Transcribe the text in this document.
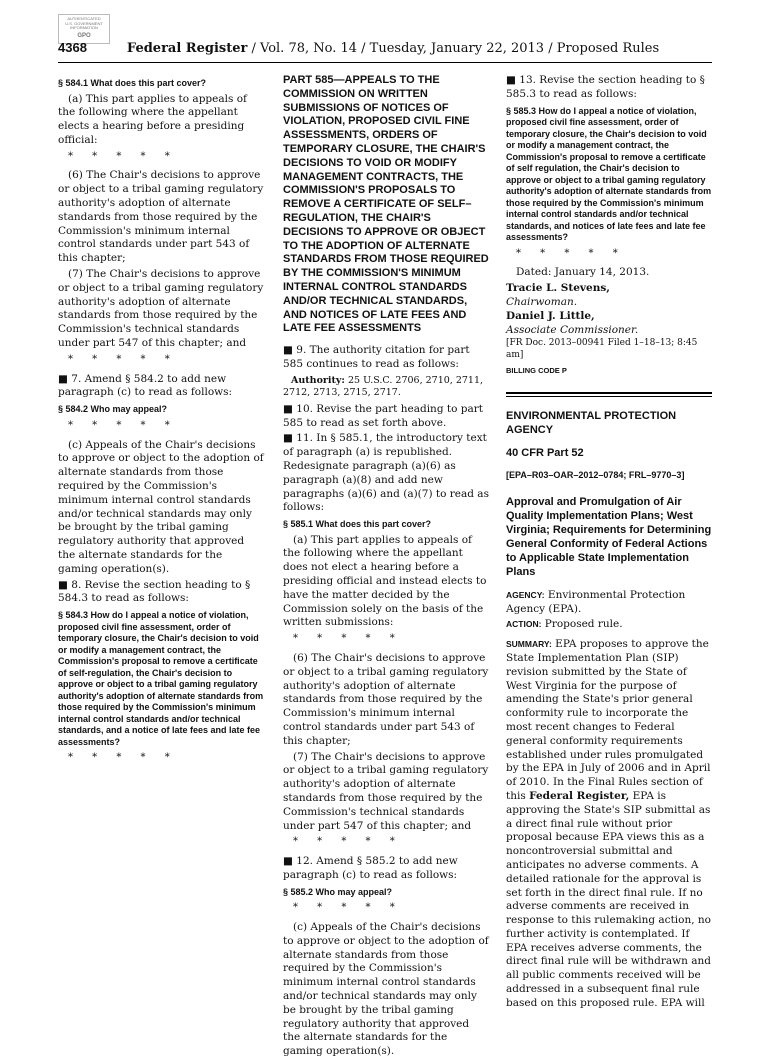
AUTHENTICATED
U.S. GOVERNMENT
INFORMATION
GPO
4368	Federal Register / Vol. 78, No. 14 / Tuesday, January 22, 2013 / Proposed Rules

§ 584.1 What does this part cover?

(a) This part applies to appeals of the following where the appellant elects a hearing before a presiding official:

* * * * *

(6) The Chair's decisions to approve or object to a tribal gaming regulatory authority's adoption of alternate standards from those required by the Commission's minimum internal control standards under part 543 of this chapter;

(7) The Chair's decisions to approve or object to a tribal gaming regulatory authority's adoption of alternate standards from those required by the Commission's technical standards under part 547 of this chapter; and

* * * * *

■ 7. Amend § 584.2 to add new paragraph (c) to read as follows:

§ 584.2 Who may appeal?

* * * * *

(c) Appeals of the Chair's decisions to approve or object to the adoption of alternate standards from those required by the Commission's minimum internal control standards and/or technical standards may only be brought by the tribal gaming regulatory authority that approved the alternate standards for the gaming operation(s).

■ 8. Revise the section heading to § 584.3 to read as follows:

§ 584.3 How do I appeal a notice of violation, proposed civil fine assessment, order of temporary closure, the Chair's decision to void or modify a management contract, the Commission's proposal to remove a certificate of self-regulation, the Chair's decision to approve or object to a tribal gaming regulatory authority's adoption of alternate standards from those required by the Commission's minimum internal control standards and/or technical standards, and a notice of late fees and late fee assessments?

* * * * *

PART 585—APPEALS TO THE COMMISSION ON WRITTEN SUBMISSIONS OF NOTICES OF VIOLATION, PROPOSED CIVIL FINE ASSESSMENTS, ORDERS OF TEMPORARY CLOSURE, THE CHAIR'S DECISIONS TO VOID OR MODIFY MANAGEMENT CONTRACTS, THE COMMISSION'S PROPOSALS TO REMOVE A CERTIFICATE OF SELF–REGULATION, THE CHAIR'S DECISIONS TO APPROVE OR OBJECT TO THE ADOPTION OF ALTERNATE STANDARDS FROM THOSE REQUIRED BY THE COMMISSION'S MINIMUM INTERNAL CONTROL STANDARDS AND/OR TECHNICAL STANDARDS, AND NOTICES OF LATE FEES AND LATE FEE ASSESSMENTS

■ 9. The authority citation for part 585 continues to read as follows:

Authority: 25 U.S.C. 2706, 2710, 2711, 2712, 2713, 2715, 2717.

■ 10. Revise the part heading to part 585 to read as set forth above.

■ 11. In § 585.1, the introductory text of paragraph (a) is republished. Redesignate paragraph (a)(6) as paragraph (a)(8) and add new paragraphs (a)(6) and (a)(7) to read as follows:

§ 585.1 What does this part cover?

(a) This part applies to appeals of the following where the appellant does not elect a hearing before a presiding official and instead elects to have the matter decided by the Commission solely on the basis of the written submissions:

* * * * *

(6) The Chair's decisions to approve or object to a tribal gaming regulatory authority's adoption of alternate standards from those required by the Commission's minimum internal control standards under part 543 of this chapter;

(7) The Chair's decisions to approve or object to a tribal gaming regulatory authority's adoption of alternate standards from those required by the Commission's technical standards under part 547 of this chapter; and

* * * * *

■ 12. Amend § 585.2 to add new paragraph (c) to read as follows:

§ 585.2 Who may appeal?

* * * * *

(c) Appeals of the Chair's decisions to approve or object to the adoption of alternate standards from those required by the Commission's minimum internal control standards and/or technical standards may only be brought by the tribal gaming regulatory authority that approved the alternate standards for the gaming operation(s).

■ 13. Revise the section heading to § 585.3 to read as follows:

§ 585.3 How do I appeal a notice of violation, proposed civil fine assessment, order of temporary closure, the Chair's decision to void or modify a management contract, the Commission's proposal to remove a certificate of self regulation, the Chair's decision to approve or object to a tribal gaming regulatory authority's adoption of alternate standards from those required by the Commission's minimum internal control standards and/or technical standards, and notices of late fees and late fee assessments?

* * * * *

Dated: January 14, 2013.

Tracie L. Stevens,

Chairwoman.

Daniel J. Little,

Associate Commissioner.

[FR Doc. 2013–00941 Filed 1–18–13; 8:45 am]

BILLING CODE P

ENVIRONMENTAL PROTECTION AGENCY

40 CFR Part 52

[EPA–R03–OAR–2012–0784; FRL–9770–3]

Approval and Promulgation of Air Quality Implementation Plans; West Virginia; Requirements for Determining General Conformity of Federal Actions to Applicable State Implementation Plans

AGENCY: Environmental Protection Agency (EPA).

ACTION: Proposed rule.

SUMMARY: EPA proposes to approve the State Implementation Plan (SIP) revision submitted by the State of West Virginia for the purpose of amending the State's prior general conformity rule to incorporate the most recent changes to Federal general conformity requirements established under rules promulgated by the EPA in July of 2006 and in April of 2010. In the Final Rules section of this Federal Register, EPA is approving the State's SIP submittal as a direct final rule without prior proposal because EPA views this as a noncontroversial submittal and anticipates no adverse comments. A detailed rationale for the approval is set forth in the direct final rule. If no adverse comments are received in response to this rulemaking action, no further activity is contemplated. If EPA receives adverse comments, the direct final rule will be withdrawn and all public comments received will be addressed in a subsequent final rule based on this proposed rule. EPA will
